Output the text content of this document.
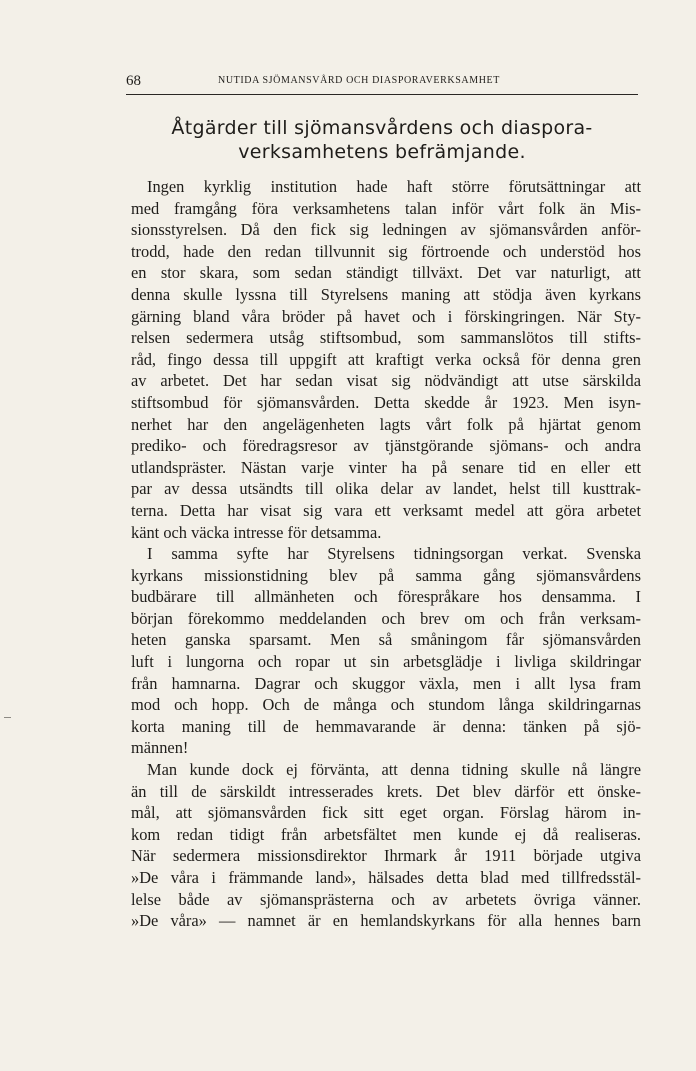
68	NUTIDA SJÖMANSVÅRD OCH DIASPORAVERKSAMHET
Åtgärder till sjömansvårdens och diaspora-
verksamhetens befrämjande.

Ingen kyrklig institution hade haft större förutsättningar att
med framgång föra verksamhetens talan inför vårt folk än Mis-
sionsstyrelsen. Då den fick sig ledningen av sjömansvården anför-
trodd, hade den redan tillvunnit sig förtroende och understöd hos
en stor skara, som sedan ständigt tillväxt. Det var naturligt, att
denna skulle lyssna till Styrelsens maning att stödja även kyrkans
gärning bland våra bröder på havet och i förskingringen. När Sty-
relsen sedermera utsåg stiftsombud, som sammanslötos till stifts-
råd, fingo dessa till uppgift att kraftigt verka också för denna gren
av arbetet. Det har sedan visat sig nödvändigt att utse särskilda
stiftsombud för sjömansvården. Detta skedde år 1923. Men isyn-
nerhet har den angelägenheten lagts vårt folk på hjärtat genom
prediko- och föredragsresor av tjänstgörande sjömans- och andra
utlandspräster. Nästan varje vinter ha på senare tid en eller ett
par av dessa utsändts till olika delar av landet, helst till kusttrak-
terna. Detta har visat sig vara ett verksamt medel att göra arbetet
känt och väcka intresse för detsamma.

I samma syfte har Styrelsens tidningsorgan verkat. Svenska
kyrkans missionstidning blev på samma gång sjömansvårdens
budbärare till allmänheten och förespråkare hos densamma. I
början förekommo meddelanden och brev om och från verksam-
heten ganska sparsamt. Men så småningom får sjömansvården
luft i lungorna och ropar ut sin arbetsglädje i livliga skildringar
från hamnarna. Dagrar och skuggor växla, men i allt lysa fram
mod och hopp. Och de många och stundom långa skildringarnas
korta maning till de hemmavarande är denna: tänken på sjö-
männen!

Man kunde dock ej förvänta, att denna tidning skulle nå längre
än till de särskildt intresserades krets. Det blev därför ett önske-
mål, att sjömansvården fick sitt eget organ. Förslag härom in-
kom redan tidigt från arbetsfältet men kunde ej då realiseras.
När sedermera missionsdirektor Ihrmark år 1911 började utgiva
»De våra i främmande land», hälsades detta blad med tillfredsstäl-
lelse både av sjömansprästerna och av arbetets övriga vänner.
»De våra» — namnet är en hemlandskyrkans för alla hennes barn
